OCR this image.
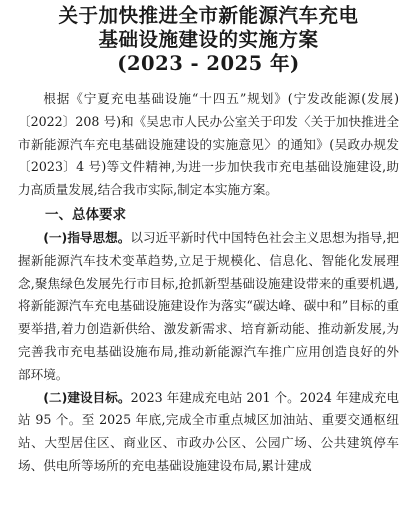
关于加快推进全市新能源汽车充电
基础设施建设的实施方案
(2023 - 2025 年)

根据《宁夏充电基础设施“十四五”规划》(宁发改能源(发展)〔2022〕208 号)和《吴忠市人民办公室关于印发〈关于加快推进全市新能源汽车充电基础设施建设的实施意见〉的通知》(吴政办规发〔2023〕4 号)等文件精神,为进一步加快我市充电基础设施建设,助力高质量发展,结合我市实际,制定本实施方案。

一、总体要求

(一)指导思想。以习近平新时代中国特色社会主义思想为指导,把握新能源汽车技术变革趋势,立足于规模化、信息化、智能化发展理念,聚焦绿色发展先行市目标,抢抓新型基础设施建设带来的重要机遇,将新能源汽车充电基础设施建设作为落实“碳达峰、碳中和”目标的重要举措,着力创造新供给、激发新需求、培育新动能、推动新发展,为完善我市充电基础设施布局,推动新能源汽车推广应用创造良好的外部环境。

(二)建设目标。2023 年建成充电站 201 个。2024 年建成充电站 95 个。至 2025 年底,完成全市重点城区加油站、重要交通枢纽站、大型居住区、商业区、市政办公区、公园广场、公共建筑停车场、供电所等场所的充电基础设施建设布局,累计建成
